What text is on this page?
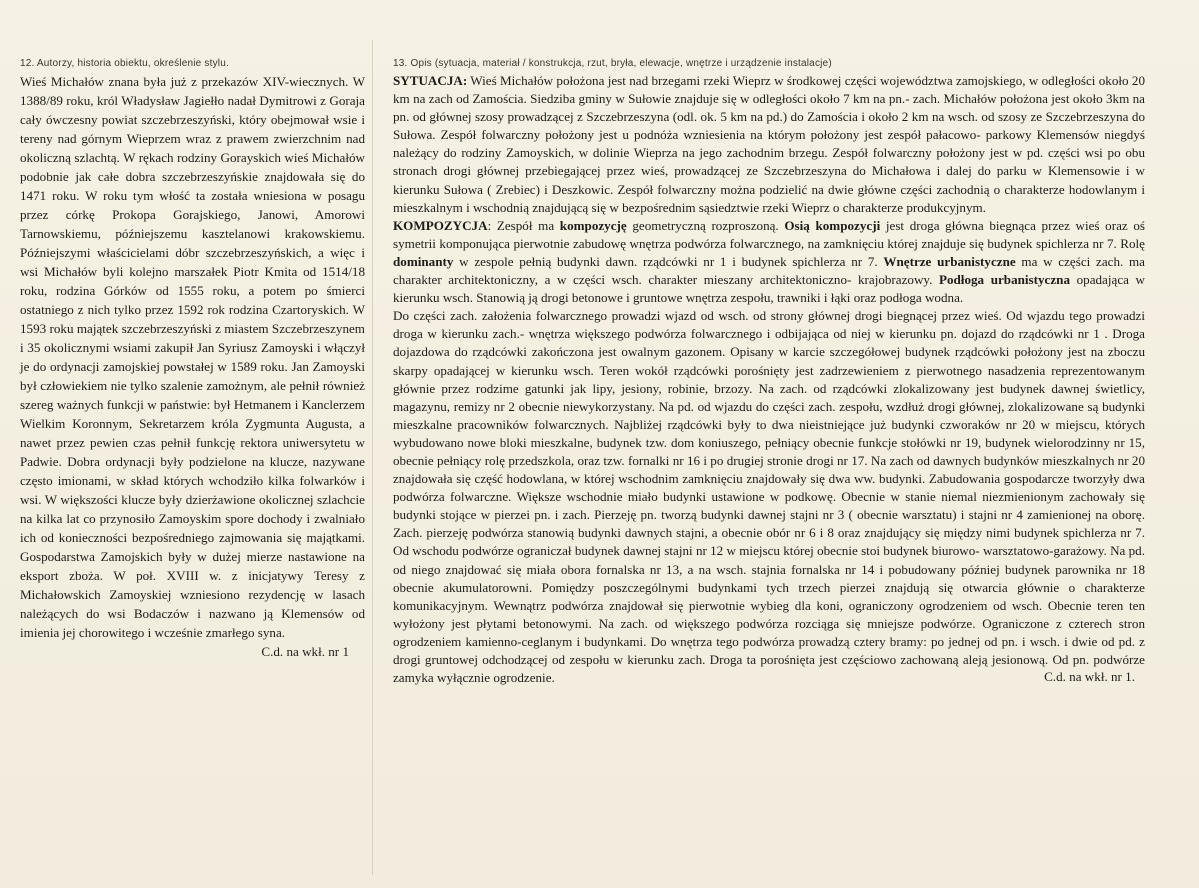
12. Autorzy, historia obiektu, określenie stylu.

Wieś Michałów znana była już z przekazów XIV-wiecznych. W 1388/89 roku, król Władysław Jagiełło nadał Dymitrowi z Goraja cały ówczesny powiat szczebrzeszyński, który obejmował wsie i tereny nad górnym Wieprzem wraz z prawem zwierzchnim nad okoliczną szlachtą. W rękach rodziny Gorayskich wieś Michałów podobnie jak całe dobra szczebrzeszyńskie znajdowała się do 1471 roku. W roku tym włość ta została wniesiona w posagu przez córkę Prokopa Gorajskiego, Janowi, Amorowi Tarnowskiemu, późniejszemu kasztelanowi krakowskiemu. Późniejszymi właścicielami dóbr szczebrzeszyńskich, a więc i wsi Michałów byli kolejno marszałek Piotr Kmita od 1514/18 roku, rodzina Górków od 1555 roku, a potem po śmierci ostatniego z nich tylko przez 1592 rok rodzina Czartoryskich. W 1593 roku majątek szczebrzeszyński z miastem Szczebrzeszynem i 35 okolicznymi wsiami zakupił Jan Syriusz Zamoyski i włączył je do ordynacji zamojskiej powstałej w 1589 roku. Jan Zamoyski był człowiekiem nie tylko szalenie zamożnym, ale pełnił również szereg ważnych funkcji w państwie: był Hetmanem i Kanclerzem Wielkim Koronnym, Sekretarzem króla Zygmunta Augusta, a nawet przez pewien czas pełnił funkcję rektora uniwersytetu w Padwie. Dobra ordynacji były podzielone na klucze, nazywane często imionami, w skład których wchodziło kilka folwarków i wsi. W większości klucze były dzierżawione okolicznej szlachcie na kilka lat co przynosiło Zamoyskim spore dochody i zwalniało ich od konieczności bezpośredniego zajmowania się majątkami. Gospodarstwa Zamojskich były w dużej mierze nastawione na eksport zboża. W poł. XVIII w. z inicjatywy Teresy z Michałowskich Zamoyskiej wzniesiono rezydencję w lasach należących do wsi Bodaczów i nazwano ją Klemensów od imienia jej chorowitego i wcześnie zmarłego syna.

C.d. na wkł. nr 1
13. Opis (sytuacja, materiał / konstrukcja, rzut, bryła, elewacje, wnętrze i urządzenie instalacje)

SYTUACJA: Wieś Michałów położona jest nad brzegami rzeki Wieprz w środkowej części województwa zamojskiego, w odległości około 20 km na zach od Zamościa. Siedziba gminy w Sułowie znajduje się w odległości około 7 km na pn.- zach. Michałów położona jest około 3km na pn. od głównej szosy prowadzącej z Szczebrzeszyna (odl. ok. 5 km na pd.) do Zamościa i około 2 km na wsch. od szosy ze Szczebrzeszyna do Sułowa. Zespół folwarczny położony jest u podnóża wzniesienia na którym położony jest zespół pałacowo- parkowy Klemensów niegdyś należący do rodziny Zamoyskich, w dolinie Wieprza na jego zachodnim brzegu. Zespół folwarczny położony jest w pd. części wsi po obu stronach drogi głównej przebiegającej przez wieś, prowadzącej ze Szczebrzeszyna do Michałowa i dalej do parku w Klemensowie i w kierunku Sułowa ( Zrebiec) i Deszkowic. Zespół folwarczny można podzielić na dwie główne części zachodnią o charakterze hodowlanym i mieszkalnym i wschodnią znajdującą się w bezpośrednim sąsiedztwie rzeki Wieprz o charakterze produkcyjnym.

KOMPOZYCJA: Zespół ma kompozycję geometryczną rozproszoną. Osią kompozycji jest droga główna biegnąca przez wieś oraz oś symetrii komponująca pierwotnie zabudowę wnętrza podwórza folwarcznego, na zamknięciu której znajduje się budynek spichlerza nr 7. Rolę dominanty w zespole pełnią budynki dawn. rządcówki nr 1 i budynek spichlerza nr 7. Wnętrze urbanistyczne ma w części zach. ma charakter architektoniczny, a w części wsch. charakter mieszany architektoniczno- krajobrazowy. Podłoga urbanistyczna opadająca w kierunku wsch. Stanowią ją drogi betonowe i gruntowe wnętrza zespołu, trawniki i łąki oraz podłoga wodna.

Do części zach. założenia folwarcznego prowadzi wjazd od wsch. od strony głównej drogi biegnącej przez wieś. Od wjazdu tego prowadzi droga w kierunku zach.- wnętrza większego podwórza folwarcznego i odbijająca od niej w kierunku pn. dojazd do rządcówki nr 1 . Droga dojazdowa do rządcówki zakończona jest owalnym gazonem. Opisany w karcie szczegółowej budynek rządcówki położony jest na zboczu skarpy opadającej w kierunku wsch. Teren wokół rządcówki porośnięty jest zadrzewieniem z pierwotnego nasadzenia reprezentowanym głównie przez rodzime gatunki jak lipy, jesiony, robinie, brzozy. Na zach. od rządcówki zlokalizowany jest budynek dawnej świetlicy, magazynu, remizy nr 2 obecnie niewykorzystany. Na pd. od wjazdu do części zach. zespołu, wzdłuż drogi głównej, zlokalizowane są budynki mieszkalne pracowników folwarcznych. Najbliżej rządcówki były to dwa nieistniejące już budynki czworaków nr 20 w miejscu, których wybudowano nowe bloki mieszkalne, budynek tzw. dom koniuszego, pełniący obecnie funkcje stołówki nr 19, budynek wielorodzinny nr 15, obecnie pełniący rolę przedszkola, oraz tzw. fornalki nr 16 i po drugiej stronie drogi nr 17. Na zach od dawnych budynków mieszkalnych nr 20 znajdowała się część hodowlana, w której wschodnim zamknięciu znajdowały się dwa ww. budynki. Zabudowania gospodarcze tworzyły dwa podwórza folwarczne. Większe wschodnie miało budynki ustawione w podkowę. Obecnie w stanie niemal niezmienionym zachowały się budynki stojące w pierzei pn. i zach. Pierzeję pn. tworzą budynki dawnej stajni nr 3 ( obecnie warsztatu) i stajni nr 4 zamienionej na oborę. Zach. pierzeję podwórza stanowią budynki dawnych stajni, a obecnie obór nr 6 i 8 oraz znajdujący się między nimi budynek spichlerza nr 7. Od wschodu podwórze ograniczał budynek dawnej stajni nr 12 w miejscu której obecnie stoi budynek biurowo- warsztatowo-garażowy. Na pd. od niego znajdować się miała obora fornalska nr 13, a na wsch. stajnia fornalska nr 14 i pobudowany później budynek parownika nr 18 obecnie akumulatorowni. Pomiędzy poszczególnymi budynkami tych trzech pierzei znajdują się otwarcia głównie o charakterze komunikacyjnym. Wewnątrz podwórza znajdował się pierwotnie wybieg dla koni, ograniczony ogrodzeniem od wsch. Obecnie teren ten wyłożony jest płytami betonowymi. Na zach. od większego podwórza rozciąga się mniejsze podwórze. Ograniczone z czterech stron ogrodzeniem kamienno-ceglanym i budynkami. Do wnętrza tego podwórza prowadzą cztery bramy: po jednej od pn. i wsch. i dwie od pd. z drogi gruntowej odchodzącej od zespołu w kierunku zach. Droga ta porośnięta jest częściowo zachowaną aleją jesionową. Od pn. podwórze zamyka wyłącznie ogrodzenie.	C.d. na wkł. nr 1.
